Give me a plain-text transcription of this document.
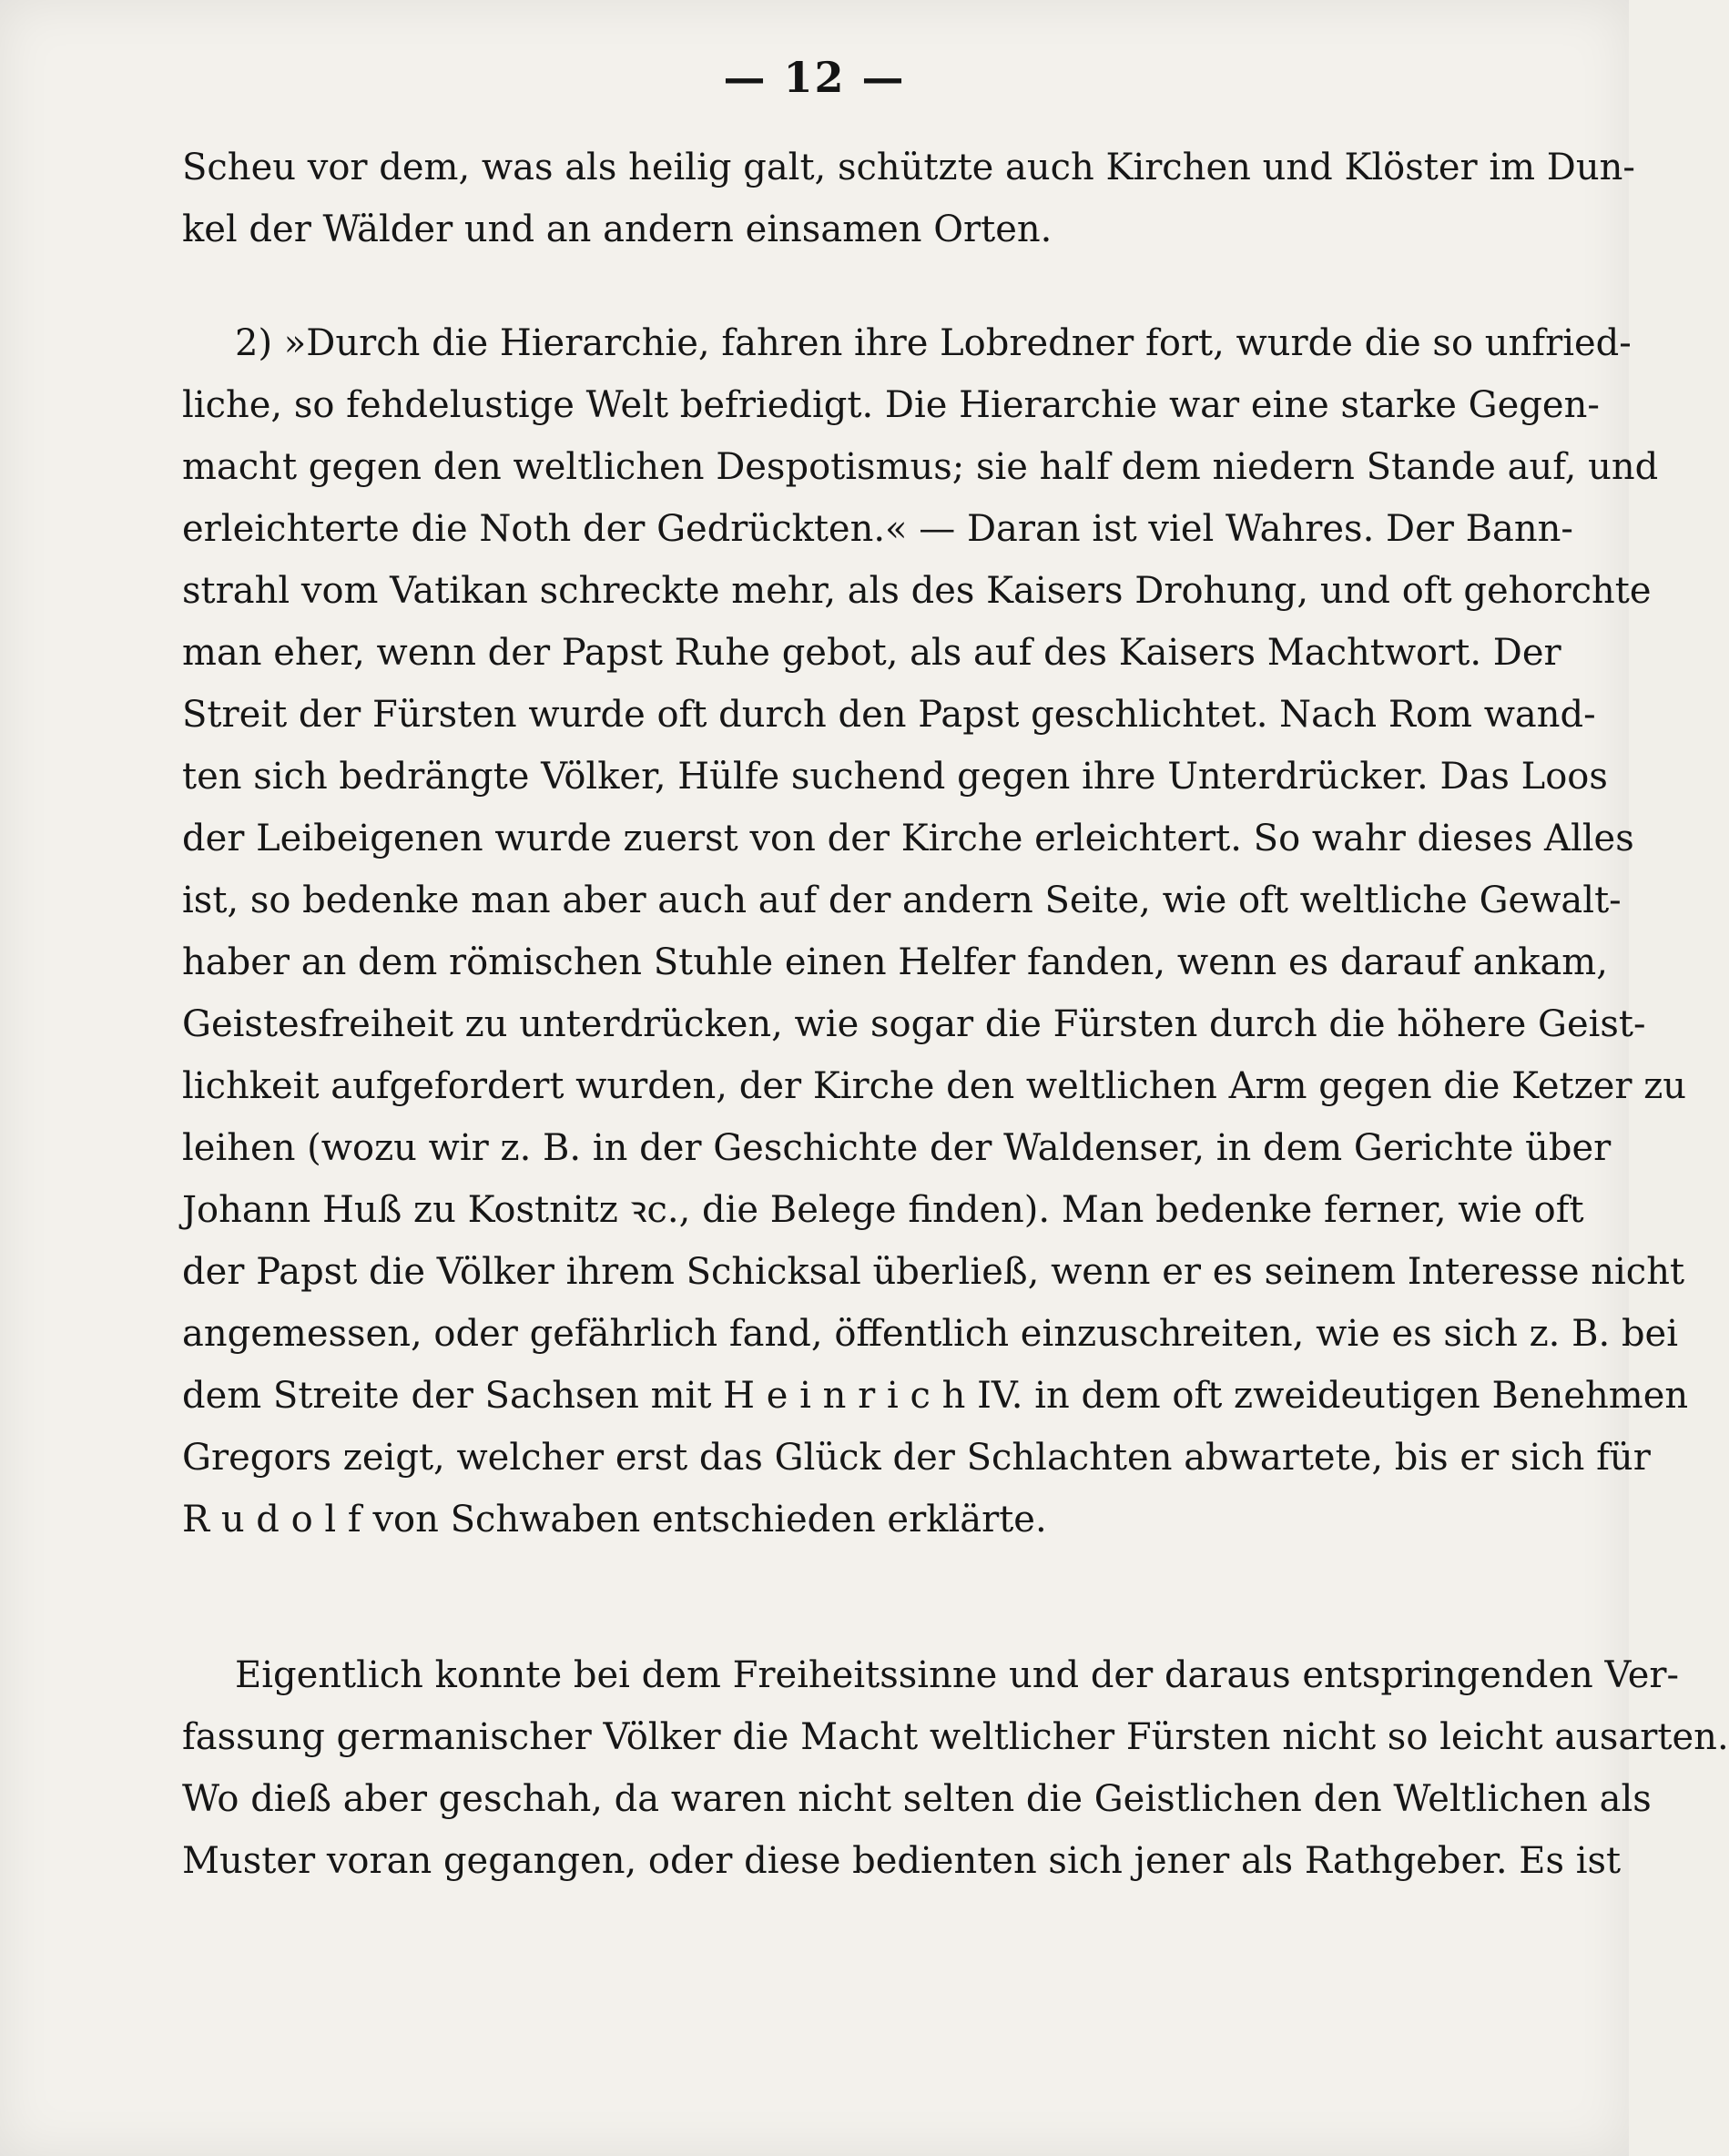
— 12 —
Scheu vor dem, was als heilig galt, schützte auch Kirchen und Klöster im Dun-
kel der Wälder und an andern einsamen Orten.
2) »Durch die Hierarchie, fahren ihre Lobredner fort, wurde die so unfried-
liche, so fehdelustige Welt befriedigt. Die Hierarchie war eine starke Gegen-
macht gegen den weltlichen Despotismus; sie half dem niedern Stande auf, und
erleichterte die Noth der Gedrückten.« — Daran ist viel Wahres. Der Bann-
strahl vom Vatikan schreckte mehr, als des Kaisers Drohung, und oft gehorchte
man eher, wenn der Papst Ruhe gebot, als auf des Kaisers Machtwort. Der
Streit der Fürsten wurde oft durch den Papst geschlichtet. Nach Rom wand-
ten sich bedrängte Völker, Hülfe suchend gegen ihre Unterdrücker. Das Loos
der Leibeigenen wurde zuerst von der Kirche erleichtert. So wahr dieses Alles
ist, so bedenke man aber auch auf der andern Seite, wie oft weltliche Gewalt-
haber an dem römischen Stuhle einen Helfer fanden, wenn es darauf ankam,
Geistesfreiheit zu unterdrücken, wie sogar die Fürsten durch die höhere Geist-
lichkeit aufgefordert wurden, der Kirche den weltlichen Arm gegen die Ketzer zu
leihen (wozu wir z. B. in der Geschichte der Waldenser, in dem Gerichte über
Johann Huß zu Kostnitz ꝛc., die Belege finden). Man bedenke ferner, wie oft
der Papst die Völker ihrem Schicksal überließ, wenn er es seinem Interesse nicht
angemessen, oder gefährlich fand, öffentlich einzuschreiten, wie es sich z. B. bei
dem Streite der Sachsen mit H e i n r i c h IV. in dem oft zweideutigen Benehmen
Gregors zeigt, welcher erst das Glück der Schlachten abwartete, bis er sich für
R u d o l f von Schwaben entschieden erklärte.
Eigentlich konnte bei dem Freiheitssinne und der daraus entspringenden Ver-
fassung germanischer Völker die Macht weltlicher Fürsten nicht so leicht ausarten.
Wo dieß aber geschah, da waren nicht selten die Geistlichen den Weltlichen als
Muster voran gegangen, oder diese bedienten sich jener als Rathgeber. Es ist
